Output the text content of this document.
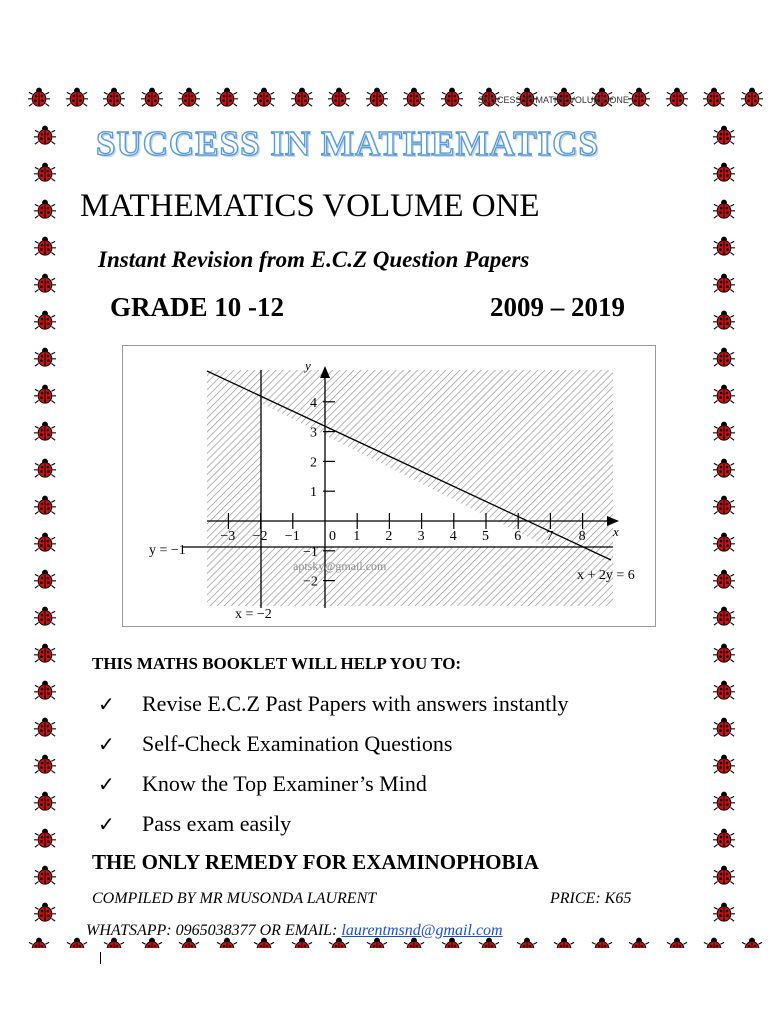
SUCCESS IN MATHS VOLUME ONE
SUCCESS IN MATHEMATICS
MATHEMATICS VOLUME ONE
Instant Revision from E.C.Z Question Papers
GRADE 10 -12	2009 – 2019
−3 −2 −1 0 1 2 3 4 5 6 7 8
4
3
2
1
−1
−2
y
x
y = −1
x = −2
x + 2y = 6
aptsky@gmail.com
THIS MATHS BOOKLET WILL HELP YOU TO:
✓	Revise E.C.Z Past Papers with answers instantly
✓	Self-Check Examination Questions
✓	Know the Top Examiner’s Mind
✓	Pass exam easily
THE ONLY REMEDY FOR EXAMINOPHOBIA
COMPILED BY MR MUSONDA LAURENT	PRICE: K65
WHATSAPP: 0965038377 OR EMAIL: laurentmsnd@gmail.com
